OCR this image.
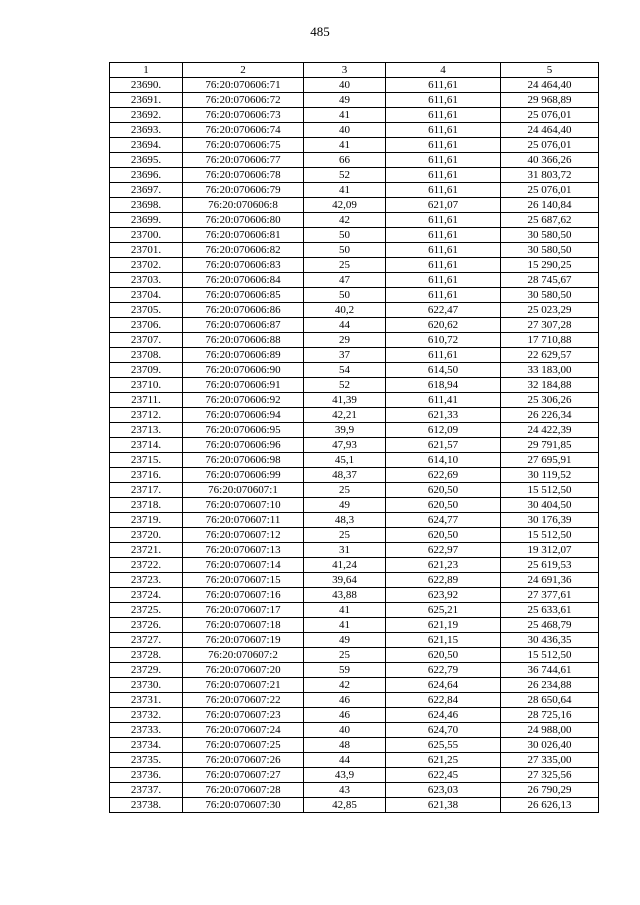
485
1	2	3	4	5
23690.	76:20:070606:71	40	611,61	24 464,40
23691.	76:20:070606:72	49	611,61	29 968,89
23692.	76:20:070606:73	41	611,61	25 076,01
23693.	76:20:070606:74	40	611,61	24 464,40
23694.	76:20:070606:75	41	611,61	25 076,01
23695.	76:20:070606:77	66	611,61	40 366,26
23696.	76:20:070606:78	52	611,61	31 803,72
23697.	76:20:070606:79	41	611,61	25 076,01
23698.	76:20:070606:8	42,09	621,07	26 140,84
23699.	76:20:070606:80	42	611,61	25 687,62
23700.	76:20:070606:81	50	611,61	30 580,50
23701.	76:20:070606:82	50	611,61	30 580,50
23702.	76:20:070606:83	25	611,61	15 290,25
23703.	76:20:070606:84	47	611,61	28 745,67
23704.	76:20:070606:85	50	611,61	30 580,50
23705.	76:20:070606:86	40,2	622,47	25 023,29
23706.	76:20:070606:87	44	620,62	27 307,28
23707.	76:20:070606:88	29	610,72	17 710,88
23708.	76:20:070606:89	37	611,61	22 629,57
23709.	76:20:070606:90	54	614,50	33 183,00
23710.	76:20:070606:91	52	618,94	32 184,88
23711.	76:20:070606:92	41,39	611,41	25 306,26
23712.	76:20:070606:94	42,21	621,33	26 226,34
23713.	76:20:070606:95	39,9	612,09	24 422,39
23714.	76:20:070606:96	47,93	621,57	29 791,85
23715.	76:20:070606:98	45,1	614,10	27 695,91
23716.	76:20:070606:99	48,37	622,69	30 119,52
23717.	76:20:070607:1	25	620,50	15 512,50
23718.	76:20:070607:10	49	620,50	30 404,50
23719.	76:20:070607:11	48,3	624,77	30 176,39
23720.	76:20:070607:12	25	620,50	15 512,50
23721.	76:20:070607:13	31	622,97	19 312,07
23722.	76:20:070607:14	41,24	621,23	25 619,53
23723.	76:20:070607:15	39,64	622,89	24 691,36
23724.	76:20:070607:16	43,88	623,92	27 377,61
23725.	76:20:070607:17	41	625,21	25 633,61
23726.	76:20:070607:18	41	621,19	25 468,79
23727.	76:20:070607:19	49	621,15	30 436,35
23728.	76:20:070607:2	25	620,50	15 512,50
23729.	76:20:070607:20	59	622,79	36 744,61
23730.	76:20:070607:21	42	624,64	26 234,88
23731.	76:20:070607:22	46	622,84	28 650,64
23732.	76:20:070607:23	46	624,46	28 725,16
23733.	76:20:070607:24	40	624,70	24 988,00
23734.	76:20:070607:25	48	625,55	30 026,40
23735.	76:20:070607:26	44	621,25	27 335,00
23736.	76:20:070607:27	43,9	622,45	27 325,56
23737.	76:20:070607:28	43	623,03	26 790,29
23738.	76:20:070607:30	42,85	621,38	26 626,13
